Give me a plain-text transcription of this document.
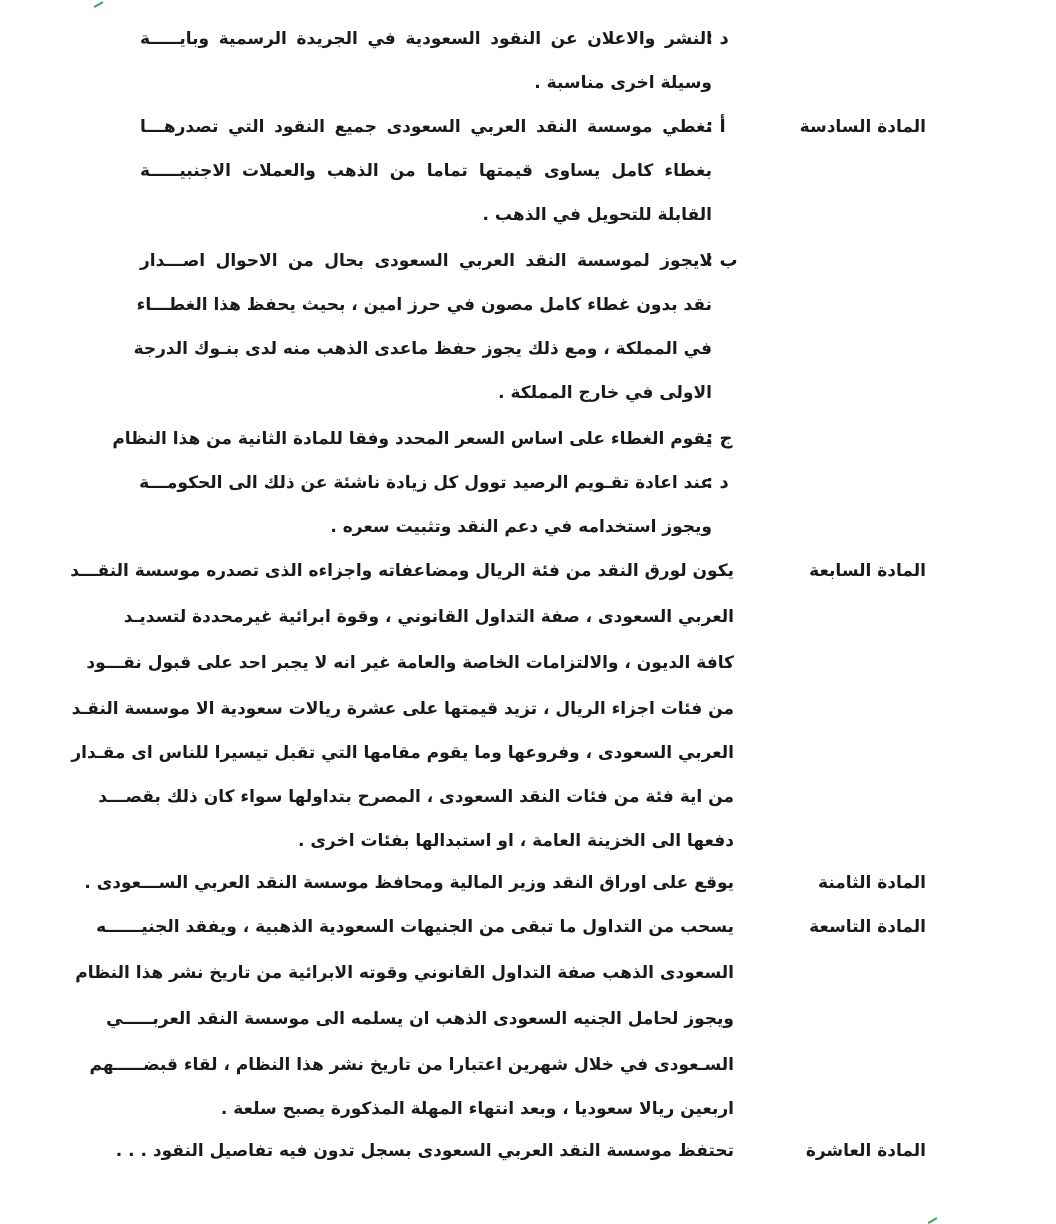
د :
النشر والاعلان عن النقود السعودية في الجريدة الرسمية وبايـــــة
وسيلة اخرى مناسبة .
المادة السادسة
أ :
تغطي موسسة النقد العربي السعودى جميع النقود التي تصدرهـــا
بغطاء كامل يساوى قيمتها تماما من الذهب والعملات الاجنبيـــــة
القابلة للتحويل في الذهب .
ب :
لايجوز لموسسة النقد العربي السعودى بحال من الاحوال اصـــدار
نقد بدون غطاء كامل مصون في حرز امين ، بحيث يحفظ هذا الغطـــاء
في المملكة ، ومع ذلك يجوز حفظ ماعدى الذهب منه لدى بنـوك الدرجة
الاولى في خارج المملكة .
ج :
يقوم الغطاء على اساس السعر المحدد وفقا للمادة الثانية من هذا النظام
د :
عند اعادة تقـويم الرصيد توول كل زيادة ناشئة عن ذلك الى الحكومـــة
ويجوز استخدامه في دعم النقد وتثبيت سعره .
المادة السابعة
يكون لورق النقد من فئة الريال ومضاعفاته واجزاءه الذى تصدره موسسة النقـــد
العربي السعودى ، صفة التداول القانوني ، وقوة ابرائية غيرمحددة لتسديـد
كافة الديون ، والالتزامات الخاصة والعامة غير انه لا يجبر احد على قبول نقـــود
من فئات اجزاء الريال ، تزيد قيمتها على عشرة ريالات سعودية الا موسسة النقـد
العربي السعودى ، وفروعها وما يقوم مقامها التي تقبل تيسيرا للناس اى مقـدار
من اية فئة من فئات النقد السعودى ، المصرح بتداولها سواء كان ذلك بقصـــد
دفعها الى الخزينة العامة ، او استبدالها بفئات اخرى .
المادة الثامنة
يوقع على اوراق النقد وزير المالية ومحافظ موسسة النقد العربي الســـعودى .
المادة التاسعة
يسحب من التداول ما تبقى من الجنيهات السعودية الذهبية ، ويفقد الجنيــــــه
السعودى الذهب صفة التداول القانوني وقوته الابرائية من تاريخ نشر هذا النظام
ويجوز لحامل الجنيه السعودى الذهب ان يسلمه الى موسسة النقد العربـــــي
السـعودى في خلال شهرين اعتبارا من تاريخ نشر هذا النظام ، لقاء قبضـــــهم
اربعين ريالا سعوديا ، وبعد انتهاء المهلة المذكورة يصبح سلعة .
المادة العاشرة
تحتفظ موسسة النقد العربي السعودى بسجل تدون فيه تفاصيل النقود . . .
